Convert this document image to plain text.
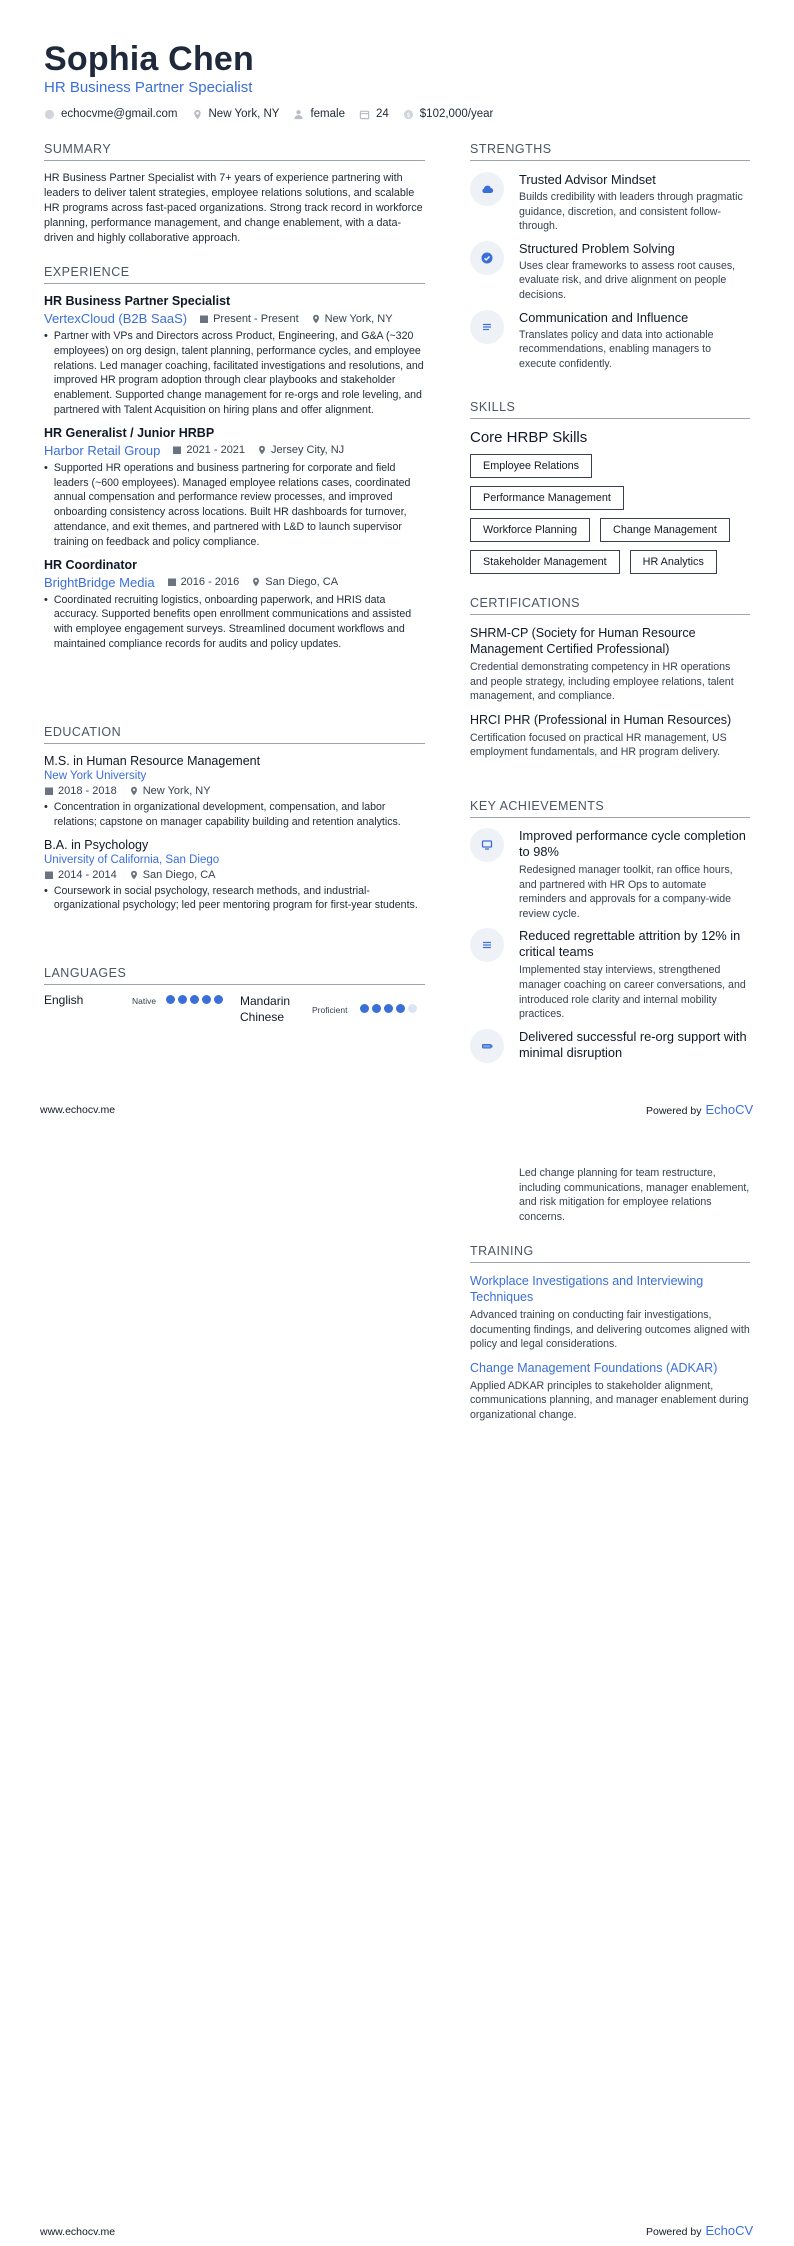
Sophia Chen
HR Business Partner Specialist
echocvme@gmail.com	New York, NY	female	24 $ $102,000/year
SUMMARY
HR Business Partner Specialist with 7+ years of experience partnering with leaders to deliver talent strategies, employee relations solutions, and scalable HR programs across fast-paced organizations. Strong track record in workforce planning, performance management, and change enablement, with a data-driven and highly collaborative approach.
EXPERIENCE
HR Business Partner Specialist
VertexCloud (B2B SaaS) Present - Present New York, NY
• Partner with VPs and Directors across Product, Engineering, and G&A (~320 employees) on org design, talent planning, performance cycles, and employee relations. Led manager coaching, facilitated investigations and resolutions, and improved HR program adoption through clear playbooks and stakeholder enablement. Supported change management for re-orgs and role leveling, and partnered with Talent Acquisition on hiring plans and offer alignment.
HR Generalist / Junior HRBP
Harbor Retail Group 2021 - 2021 Jersey City, NJ
• Supported HR operations and business partnering for corporate and field leaders (~600 employees). Managed employee relations cases, coordinated annual compensation and performance review processes, and improved onboarding consistency across locations. Built HR dashboards for turnover, attendance, and exit themes, and partnered with L&D to launch supervisor training on feedback and policy compliance.
HR Coordinator
BrightBridge Media 2016 - 2016 San Diego, CA
• Coordinated recruiting logistics, onboarding paperwork, and HRIS data accuracy. Supported benefits open enrollment communications and assisted with employee engagement surveys. Streamlined document workflows and maintained compliance records for audits and policy updates.
EDUCATION
M.S. in Human Resource Management
New York University
2018 - 2018 New York, NY
• Concentration in organizational development, compensation, and labor relations; capstone on manager capability building and retention analytics.
B.A. in Psychology
University of California, San Diego
2014 - 2014 San Diego, CA
• Coursework in social psychology, research methods, and industrial-organizational psychology; led peer mentoring program for first-year students.
LANGUAGES
English	Native	Mandarin Chinese	Proficient
STRENGTHS
Trusted Advisor Mindset
Builds credibility with leaders through pragmatic guidance, discretion, and consistent follow-through.
Structured Problem Solving
Uses clear frameworks to assess root causes, evaluate risk, and drive alignment on people decisions.
Communication and Influence
Translates policy and data into actionable recommendations, enabling managers to execute confidently.
SKILLS
Core HRBP Skills
Employee Relations
Performance Management
Workforce Planning	Change Management
Stakeholder Management	HR Analytics
CERTIFICATIONS
SHRM-CP (Society for Human Resource Management Certified Professional)
Credential demonstrating competency in HR operations and people strategy, including employee relations, talent management, and compliance.
HRCI PHR (Professional in Human Resources)
Certification focused on practical HR management, US employment fundamentals, and HR program delivery.
KEY ACHIEVEMENTS
Improved performance cycle completion to 98%
Redesigned manager toolkit, ran office hours, and partnered with HR Ops to automate reminders and approvals for a company-wide review cycle.
Reduced regrettable attrition by 12% in critical teams
Implemented stay interviews, strengthened manager coaching on career conversations, and introduced role clarity and internal mobility practices.
Delivered successful re-org support with minimal disruption
www.echocv.me	Powered by EchoCV
Led change planning for team restructure, including communications, manager enablement, and risk mitigation for employee relations concerns.
TRAINING
Workplace Investigations and Interviewing Techniques
Advanced training on conducting fair investigations, documenting findings, and delivering outcomes aligned with policy and legal considerations.
Change Management Foundations (ADKAR)
Applied ADKAR principles to stakeholder alignment, communications planning, and manager enablement during organizational change.
www.echocv.me	Powered by EchoCV
